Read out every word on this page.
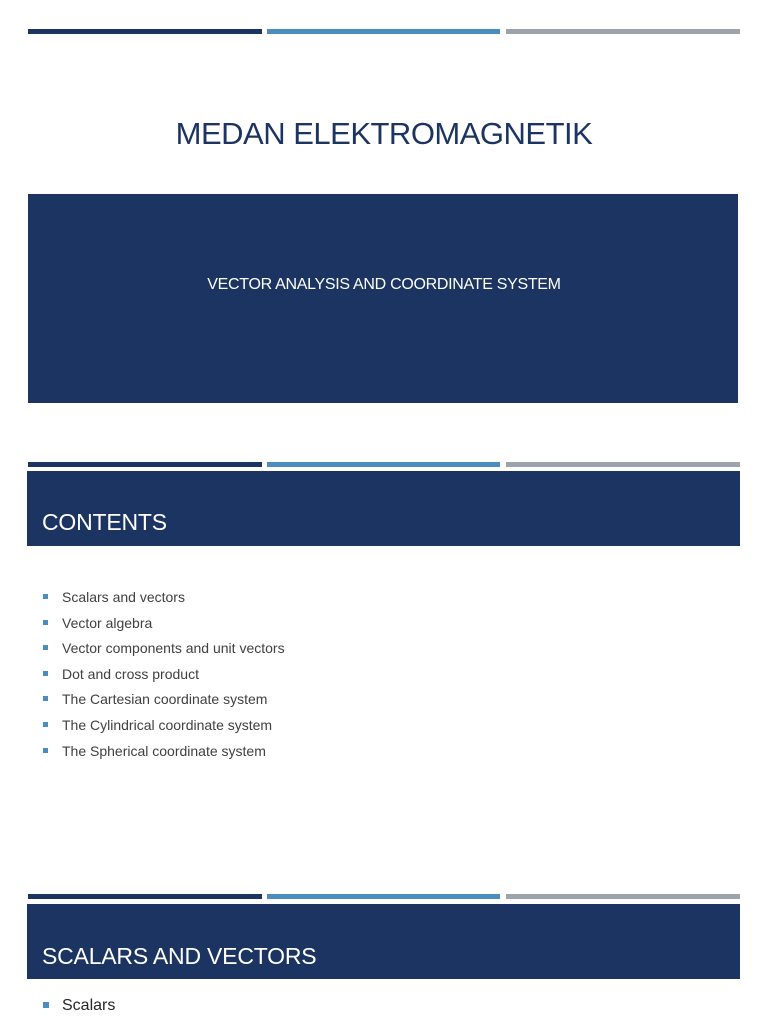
MEDAN ELEKTROMAGNETIK
VECTOR ANALYSIS AND COORDINATE SYSTEM
CONTENTS
Scalars and vectors
Vector algebra
Vector components and unit vectors
Dot and cross product
The Cartesian coordinate system
The Cylindrical coordinate system
The Spherical coordinate system
SCALARS AND VECTORS
Scalars
